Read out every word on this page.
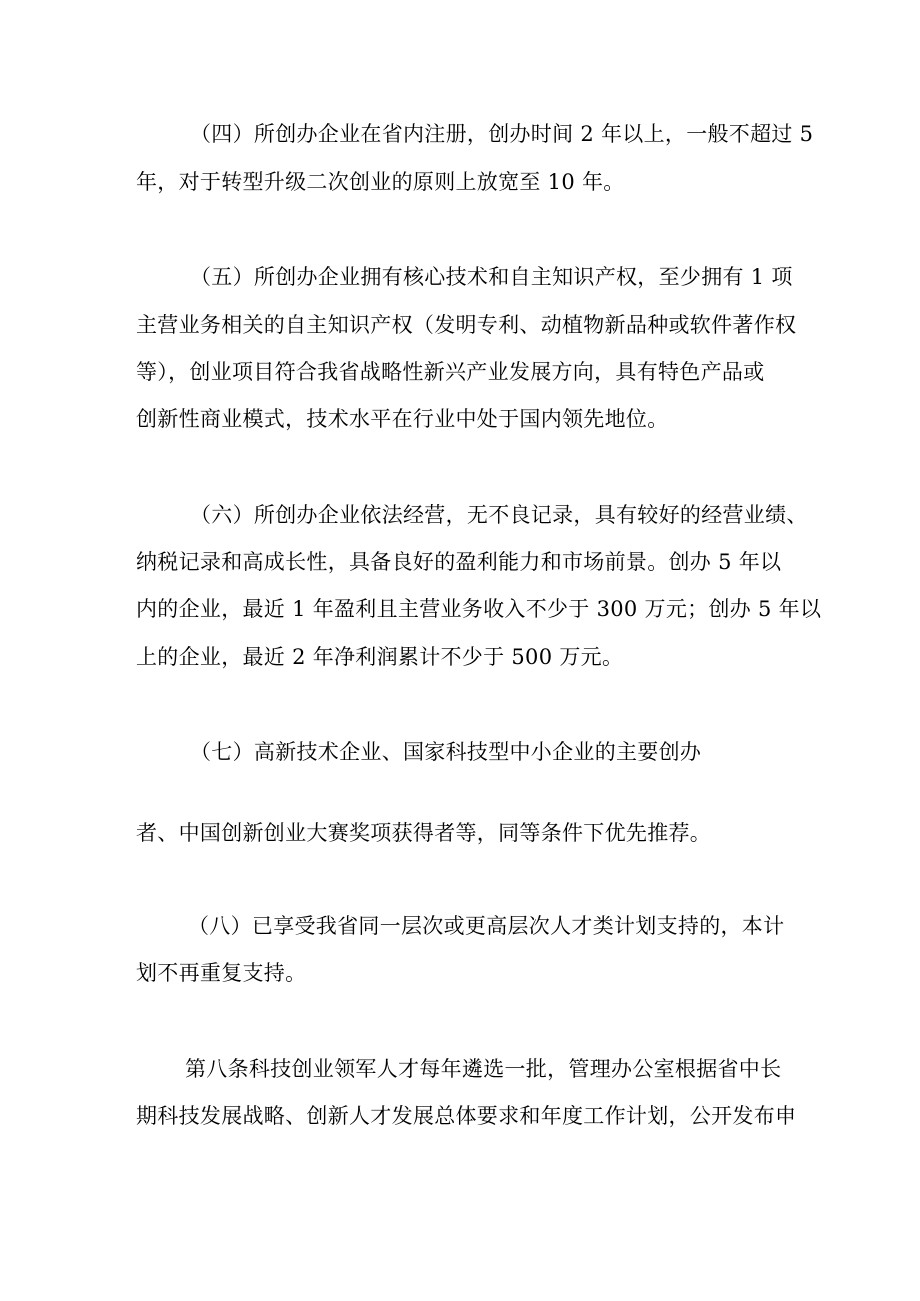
（四）所创办企业在省内注册，创办时间 2 年以上，一般不超过 5
年，对于转型升级二次创业的原则上放宽至 10 年。
（五）所创办企业拥有核心技术和自主知识产权，至少拥有 1 项
主营业务相关的自主知识产权（发明专利、动植物新品种或软件著作权
等），创业项目符合我省战略性新兴产业发展方向，具有特色产品或
创新性商业模式，技术水平在行业中处于国内领先地位。
（六）所创办企业依法经营，无不良记录，具有较好的经营业绩、
纳税记录和高成长性，具备良好的盈利能力和市场前景。创办 5 年以
内的企业，最近 1 年盈利且主营业务收入不少于 300 万元；创办 5 年以
上的企业，最近 2 年净利润累计不少于 500 万元。
（七）高新技术企业、国家科技型中小企业的主要创办
者、中国创新创业大赛奖项获得者等，同等条件下优先推荐。
（八）已享受我省同一层次或更高层次人才类计划支持的，本计
划不再重复支持。
第八条科技创业领军人才每年遴选一批，管理办公室根据省中长
期科技发展战略、创新人才发展总体要求和年度工作计划，公开发布申
